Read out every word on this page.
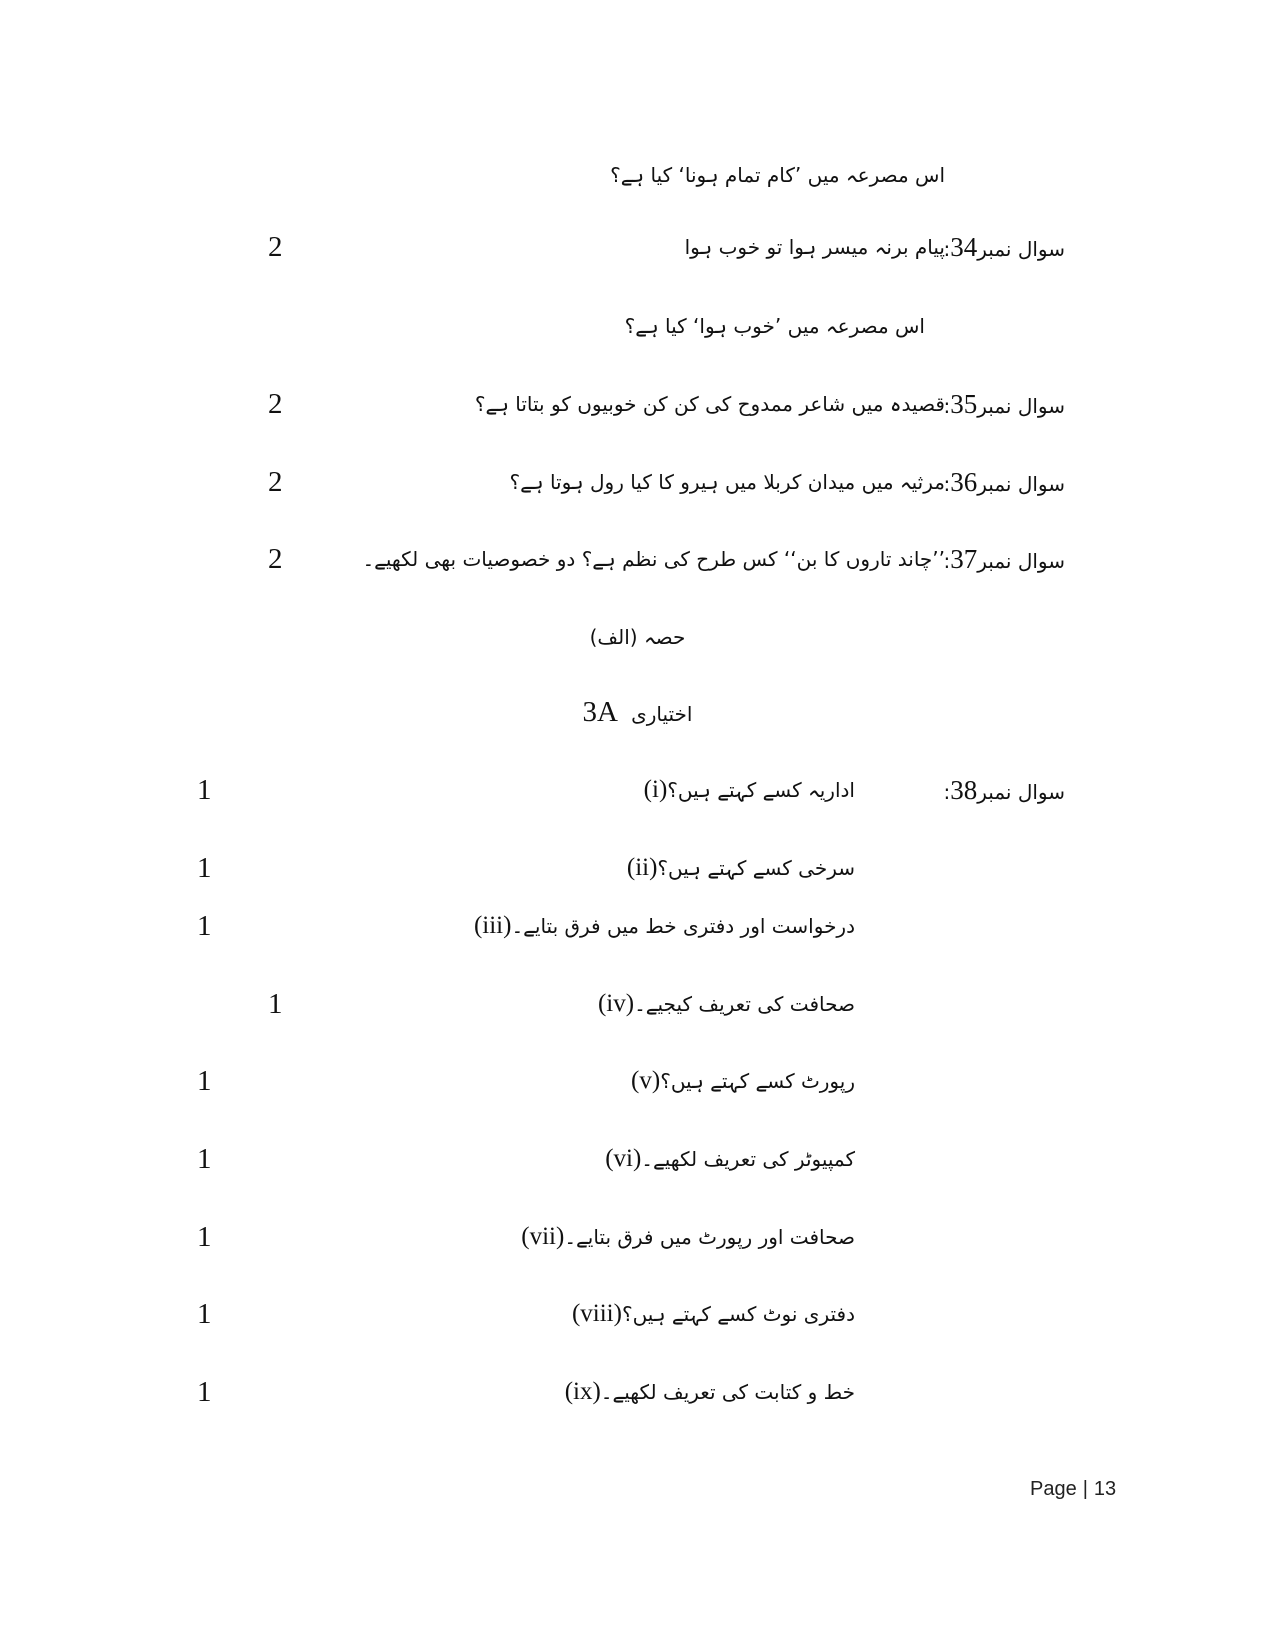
اس مصرعہ میں ’کام تمام ہونا‘ کیا ہے؟
سوال نمبر34:
پیام برنہ میسر ہوا تو خوب ہوا
2
اس مصرعہ میں ’خوب ہوا‘ کیا ہے؟
سوال نمبر35:
قصیدہ میں شاعر ممدوح کی کن کن خوبیوں کو بتاتا ہے؟
2
سوال نمبر36:
مرثیہ میں میدان کربلا میں ہیرو کا کیا رول ہوتا ہے؟
2
سوال نمبر37:
’’چاند تاروں کا بن‘‘ کس طرح کی نظم ہے؟ دو خصوصیات بھی لکھیے۔
2
حصہ (الف)
اختیاری 3A
سوال نمبر38:
(i)اداریہ کسے کہتے ہیں؟
1
(ii)سرخی کسے کہتے ہیں؟
1
(iii)درخواست اور دفتری خط میں فرق بتایے۔
1
(iv)صحافت کی تعریف کیجیے۔
1
(v)رپورٹ کسے کہتے ہیں؟
1
(vi)کمپیوٹر کی تعریف لکھیے۔
1
(vii)صحافت اور رپورٹ میں فرق بتایے۔
1
(viii)دفتری نوٹ کسے کہتے ہیں؟
1
(ix)خط و کتابت کی تعریف لکھیے۔
1
Page | 13
